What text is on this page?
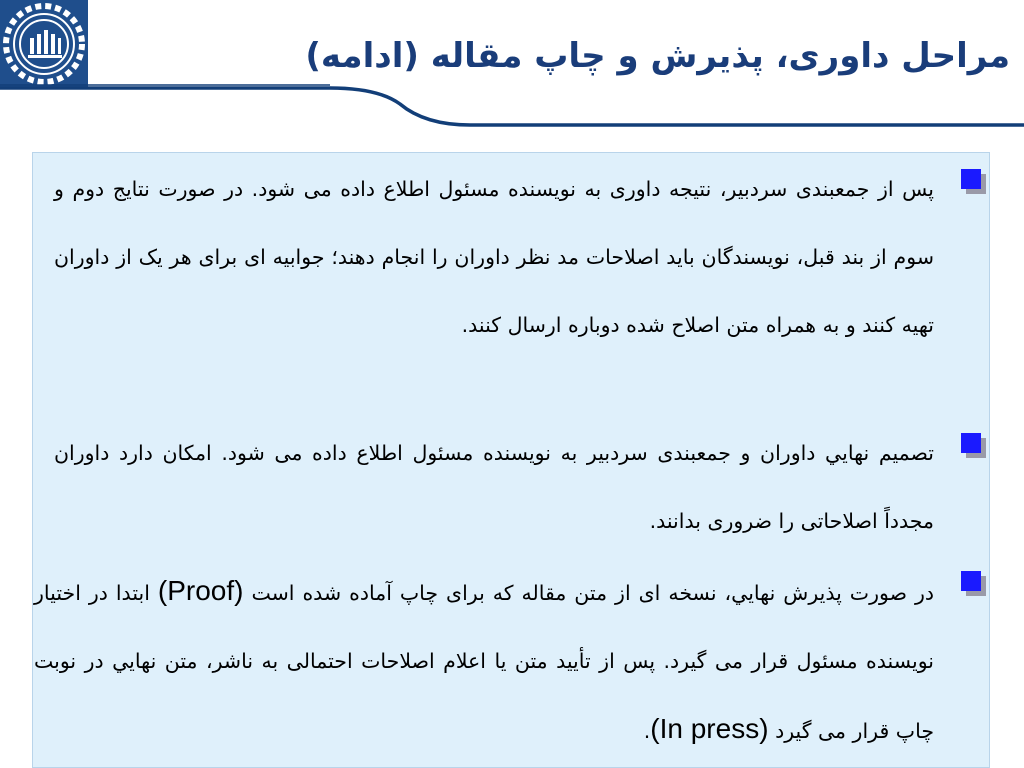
مراحل داوری، پذیرش و چاپ مقاله (ادامه)

پس از جمعبندی سردبیر، نتیجه داوری به نویسنده مسئول اطلاع داده می شود. در صورت نتایج دوم و سوم از بند قبل، نویسندگان باید اصلاحات مد نظر داوران را انجام دهند؛ جوابیه ای برای هر یک از داوران تهیه کنند و به همراه متن اصلاح شده دوباره ارسال کنند.

تصمیم نهايي داوران و جمعبندی سردبیر به نویسنده مسئول اطلاع داده می شود. امکان دارد داوران مجدداً اصلاحاتی را ضروری بدانند.

در صورت پذیرش نهايي، نسخه ای از متن مقاله که برای چاپ آماده شده است (Proof) ابتدا در اختیار نویسنده مسئول قرار می گیرد. پس از تأیید متن یا اعلام اصلاحات احتمالی به ناشر، متن نهايي در نوبت چاپ قرار می گیرد (In press).
